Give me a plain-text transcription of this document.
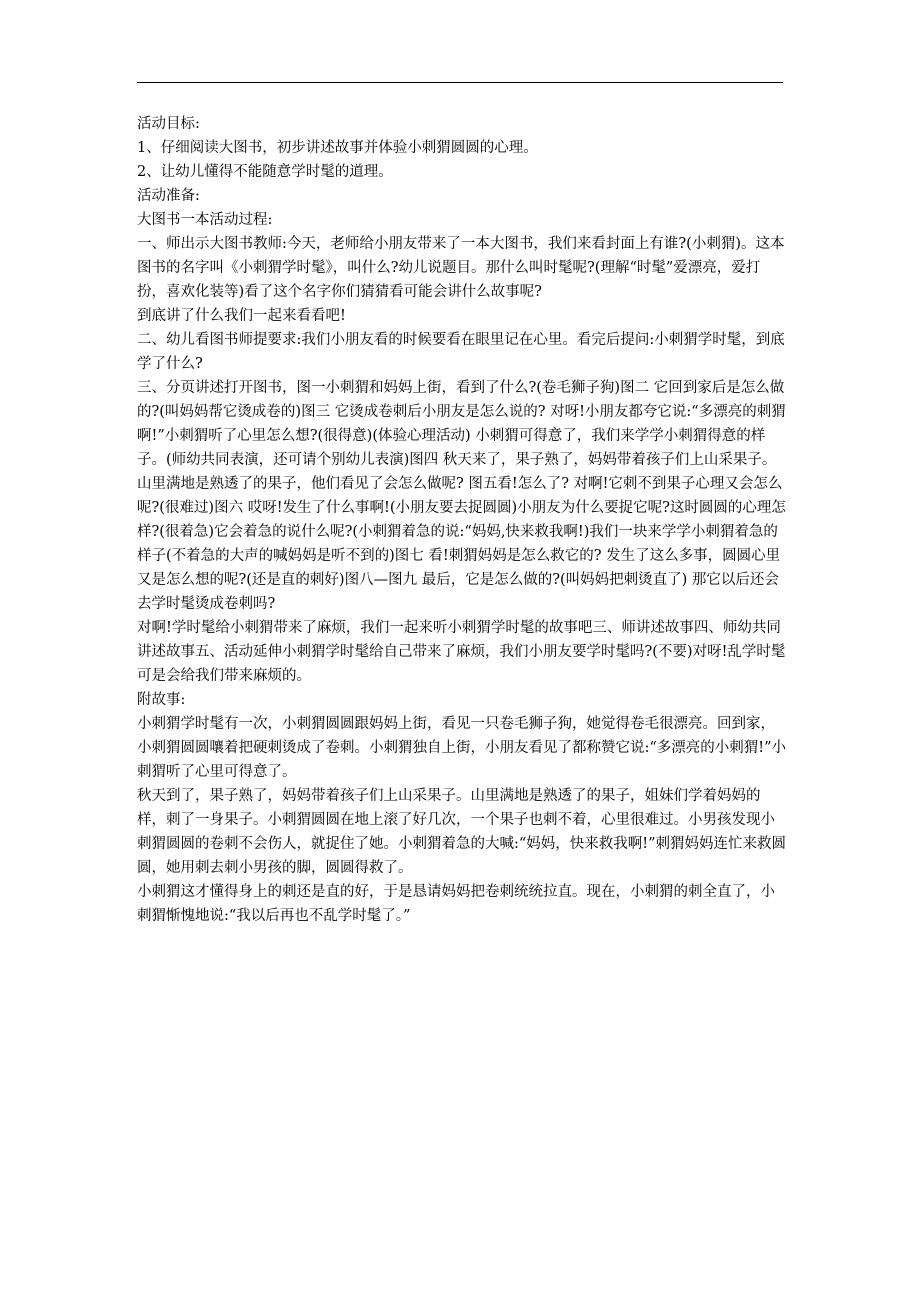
活动目标:

1、仔细阅读大图书，初步讲述故事并体验小刺猬圆圆的心理。

2、让幼儿懂得不能随意学时髦的道理。

活动准备:

大图书一本活动过程:

一、师出示大图书教师:今天，老师给小朋友带来了一本大图书，我们来看封面上有谁?(小刺猬)。这本图书的名字叫《小刺猬学时髦》，叫什么?幼儿说题目。那什么叫时髦呢?(理解“时髦”爱漂亮，爱打扮，喜欢化装等)看了这个名字你们猜猜看可能会讲什么故事呢?

到底讲了什么我们一起来看看吧!

二、幼儿看图书师提要求:我们小朋友看的时候要看在眼里记在心里。看完后提问:小刺猬学时髦，到底学了什么?

三、分页讲述打开图书，图一小刺猬和妈妈上街，看到了什么?(卷毛狮子狗)图二 它回到家后是怎么做的?(叫妈妈帮它烫成卷的)图三 它烫成卷刺后小朋友是怎么说的? 对呀!小朋友都夸它说:“多漂亮的刺猬啊!”小刺猬听了心里怎么想?(很得意)(体验心理活动) 小刺猬可得意了，我们来学学小刺猬得意的样子。(师幼共同表演，还可请个别幼儿表演)图四 秋天来了，果子熟了，妈妈带着孩子们上山采果子。山里满地是熟透了的果子，他们看见了会怎么做呢? 图五看!怎么了? 对啊!它刺不到果子心理又会怎么呢?(很难过)图六 哎呀!发生了什么事啊!(小朋友要去捉圆圆)小朋友为什么要捉它呢?这时圆圆的心理怎样?(很着急)它会着急的说什么呢?(小刺猬着急的说:“妈妈,快来救我啊!)我们一块来学学小刺猬着急的样子(不着急的大声的喊妈妈是听不到的)图七 看!刺猬妈妈是怎么救它的? 发生了这么多事，圆圆心里又是怎么想的呢?(还是直的刺好)图八—图九 最后，它是怎么做的?(叫妈妈把刺烫直了) 那它以后还会去学时髦烫成卷刺吗?

对啊!学时髦给小刺猬带来了麻烦，我们一起来听小刺猬学时髦的故事吧三、师讲述故事四、师幼共同讲述故事五、活动延伸小刺猬学时髦给自己带来了麻烦，我们小朋友要学时髦吗?(不要)对呀!乱学时髦可是会给我们带来麻烦的。

附故事:

小刺猬学时髦有一次，小刺猬圆圆跟妈妈上街，看见一只卷毛狮子狗，她觉得卷毛很漂亮。回到家，小刺猬圆圆嚷着把硬刺烫成了卷刺。小刺猬独自上街，小朋友看见了都称赞它说:“多漂亮的小刺猬!”小刺猬听了心里可得意了。

秋天到了，果子熟了，妈妈带着孩子们上山采果子。山里满地是熟透了的果子，姐妹们学着妈妈的样，刺了一身果子。小刺猬圆圆在地上滚了好几次，一个果子也刺不着，心里很难过。小男孩发现小刺猬圆圆的卷刺不会伤人，就捉住了她。小刺猬着急的大喊:“妈妈，快来救我啊!”刺猬妈妈连忙来救圆圆，她用刺去刺小男孩的脚，圆圆得救了。

小刺猬这才懂得身上的刺还是直的好，于是恳请妈妈把卷刺统统拉直。现在，小刺猬的刺全直了，小刺猬惭愧地说:“我以后再也不乱学时髦了。”
